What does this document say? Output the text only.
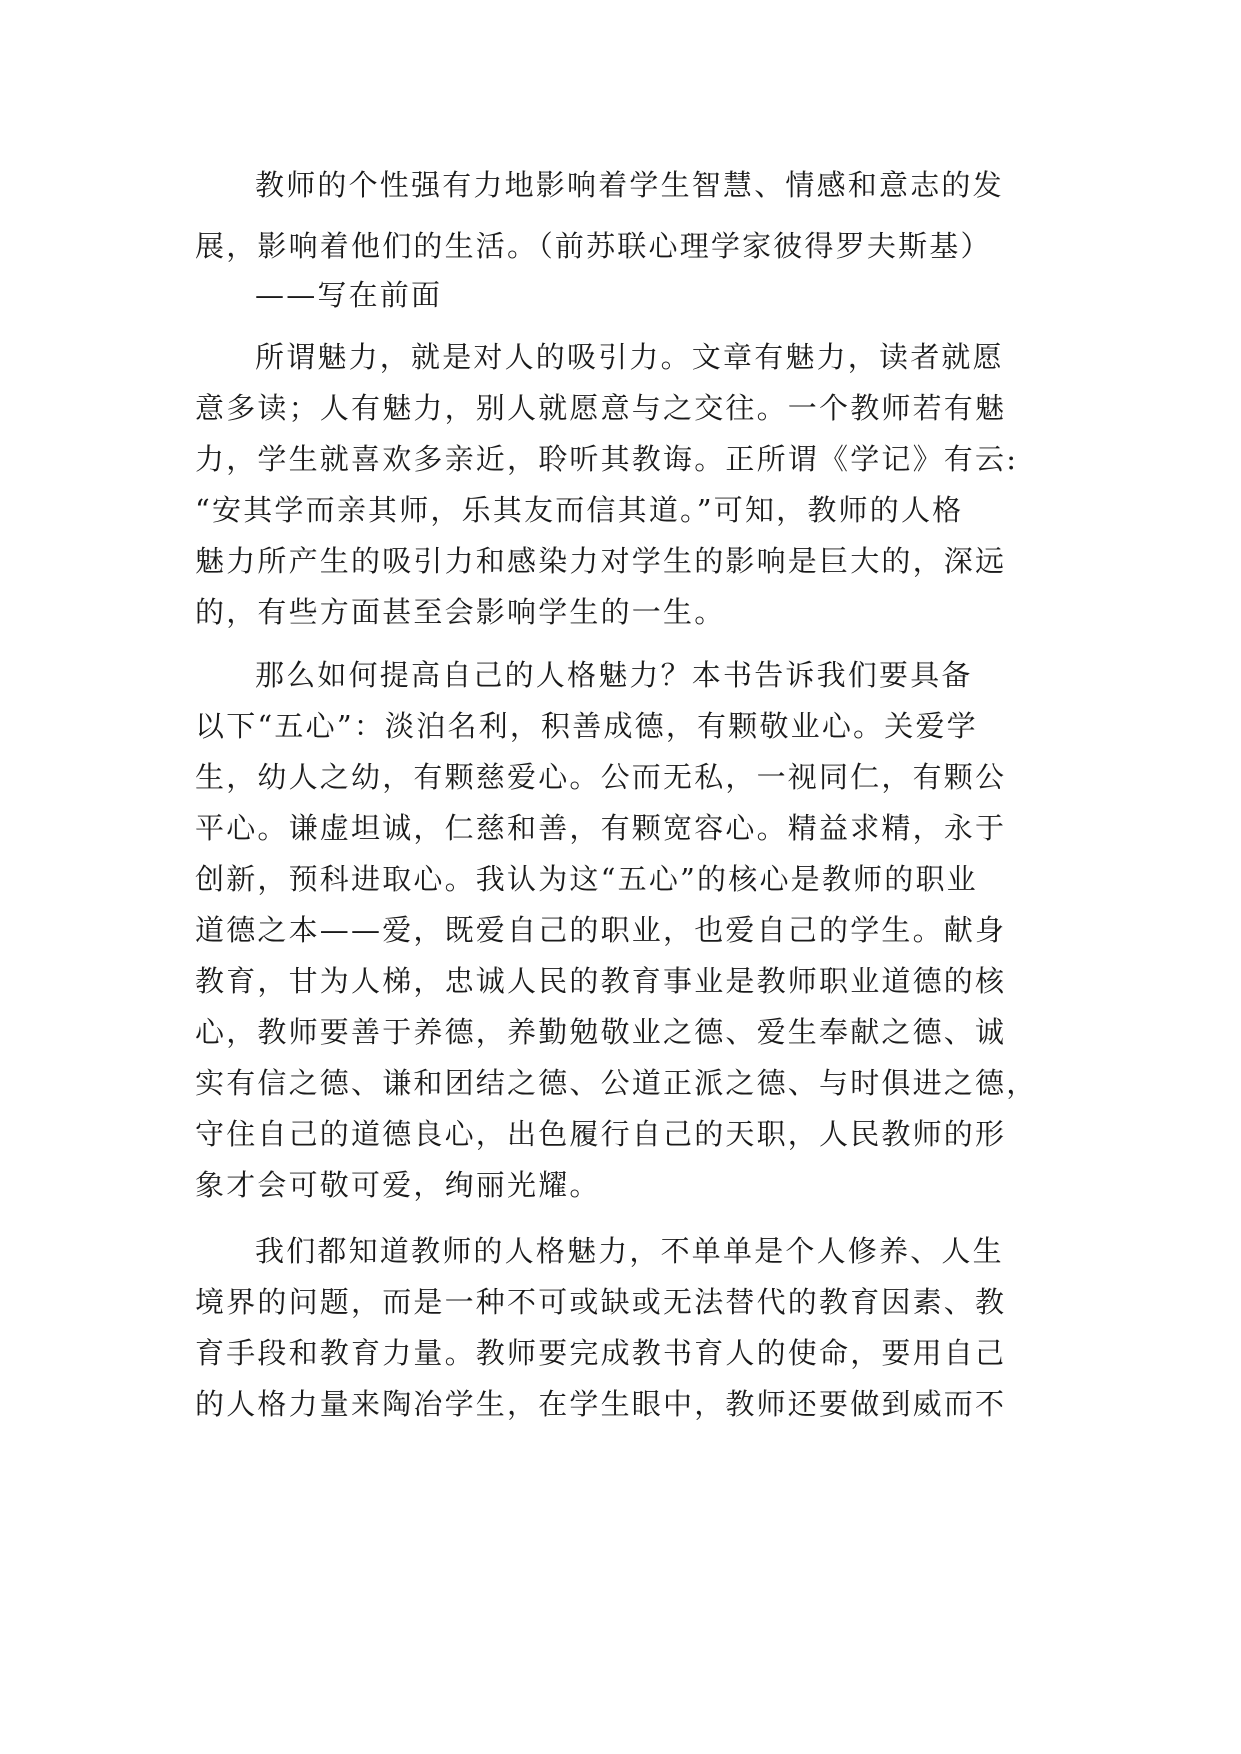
教师的个性强有力地影响着学生智慧、情感和意志的发
展，影响着他们的生活。（前苏联心理学家彼得罗夫斯基）
——写在前面
所谓魅力，就是对人的吸引力。文章有魅力，读者就愿
意多读；人有魅力，别人就愿意与之交往。一个教师若有魅
力，学生就喜欢多亲近，聆听其教诲。正所谓《学记》有云:
“安其学而亲其师，乐其友而信其道。”可知，教师的人格
魅力所产生的吸引力和感染力对学生的影响是巨大的，深远
的，有些方面甚至会影响学生的一生。
那么如何提高自己的人格魅力？本书告诉我们要具备
以下“五心”：淡泊名利，积善成德，有颗敬业心。关爱学
生，幼人之幼，有颗慈爱心。公而无私，一视同仁，有颗公
平心。谦虚坦诚，仁慈和善，有颗宽容心。精益求精，永于
创新，预科进取心。我认为这“五心”的核心是教师的职业
道德之本——爱，既爱自己的职业，也爱自己的学生。献身
教育，甘为人梯，忠诚人民的教育事业是教师职业道德的核
心，教师要善于养德，养勤勉敬业之德、爱生奉献之德、诚
实有信之德、谦和团结之德、公道正派之德、与时俱进之德，
守住自己的道德良心，出色履行自己的天职，人民教师的形
象才会可敬可爱，绚丽光耀。
我们都知道教师的人格魅力，不单单是个人修养、人生
境界的问题，而是一种不可或缺或无法替代的教育因素、教
育手段和教育力量。教师要完成教书育人的使命，要用自己
的人格力量来陶冶学生，在学生眼中，教师还要做到威而不
